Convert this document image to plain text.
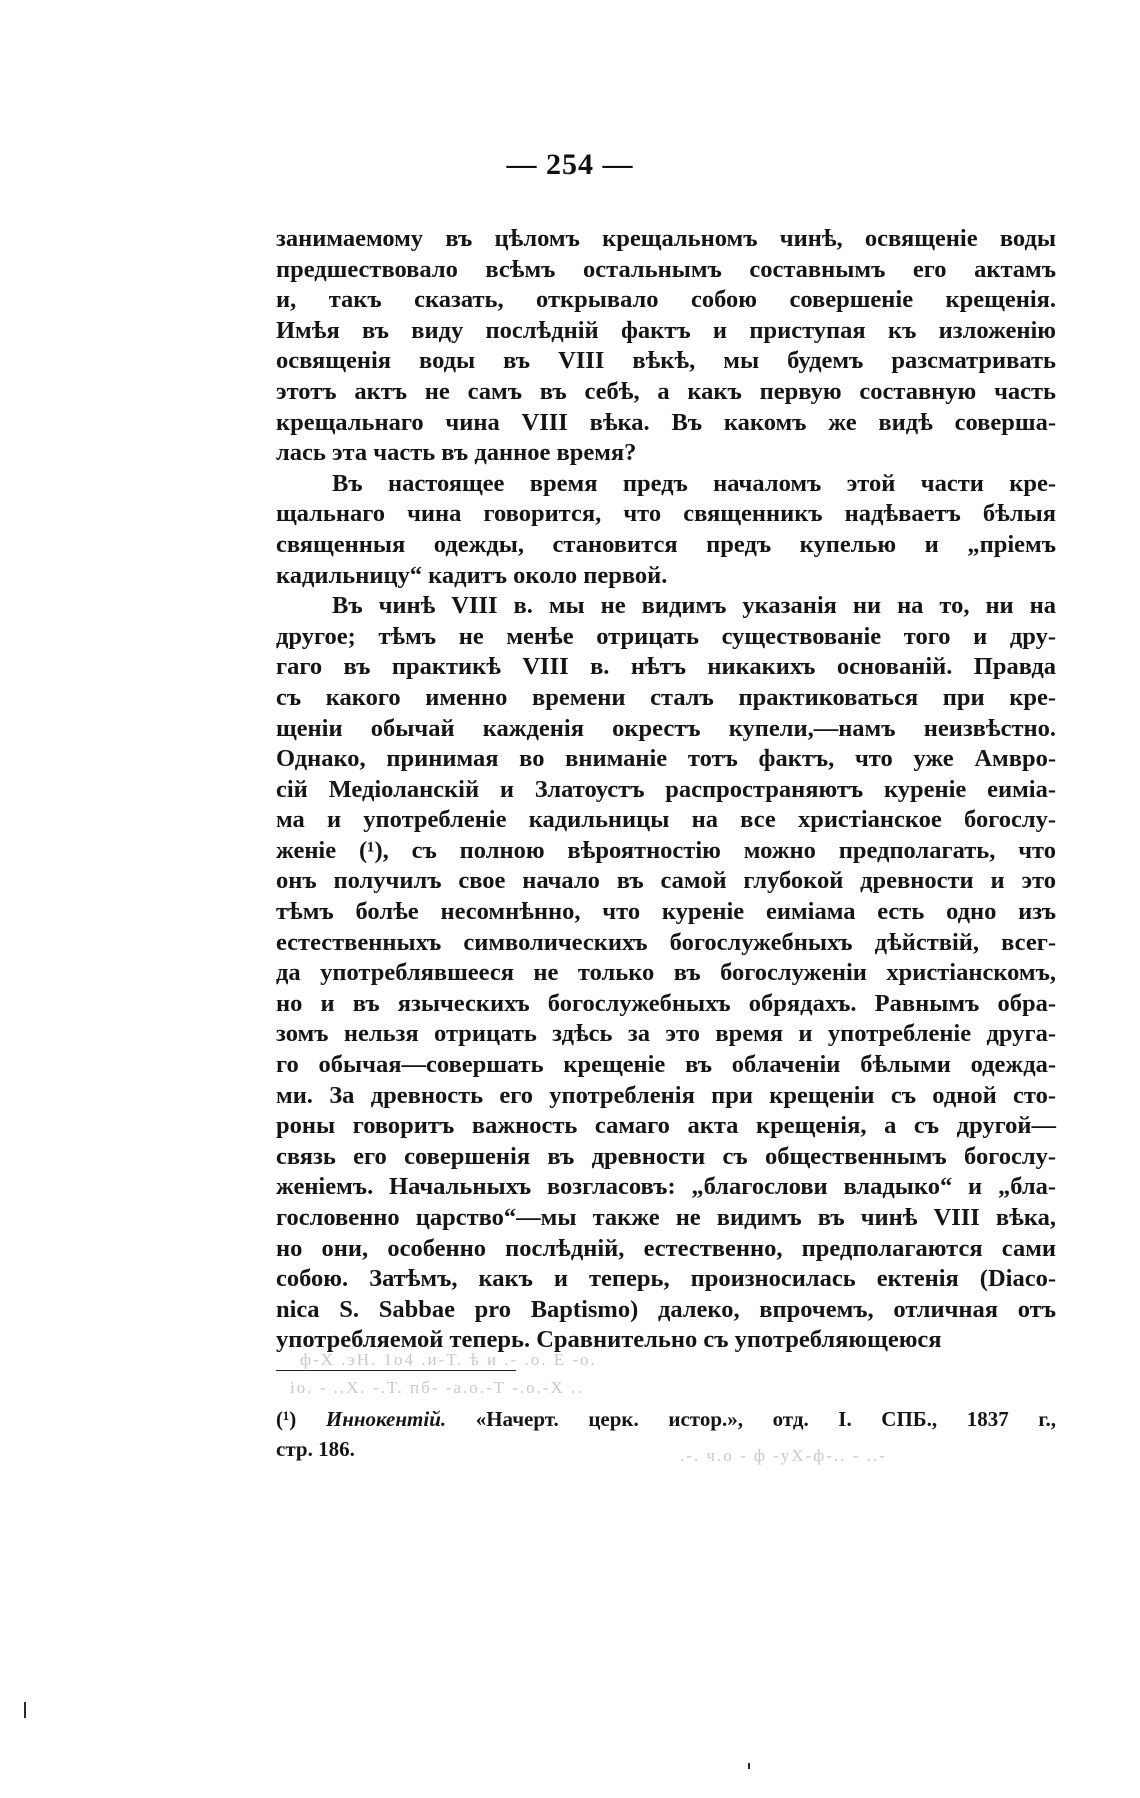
— 254 —
занимаемому въ цѣломъ крещальномъ чинѣ, освященіе воды
предшествовало всѣмъ остальнымъ составнымъ его актамъ
и, такъ сказать, открывало собою совершеніе крещенія.
Имѣя въ виду послѣдній фактъ и приступая къ изложенію
освященія воды въ VIII вѣкѣ, мы будемъ разсматривать
этотъ актъ не самъ въ себѣ, а какъ первую составную часть
крещальнаго чина VIII вѣка. Въ какомъ же видѣ совершa-
лась эта часть въ данное время?
Въ настоящее время предъ началомъ этой части кре-
щальнаго чина говорится, что священникъ надѣваетъ бѣлыя
священныя одежды, становится предъ купелью и „пріемъ
кадильницу“ кадитъ около первой.
Въ чинѣ VIII в. мы не видимъ указанія ни на то, ни на
другое; тѣмъ не менѣе отрицать существованіе того и дру-
гаго въ практикѣ VIII в. нѣтъ никакихъ основаній. Правда
съ какого именно времени сталъ практиковаться при кре-
щеніи обычай кажденія окрестъ купели,—намъ неизвѣстно.
Однако, принимая во вниманіе тотъ фактъ, что уже Амвро-
сій Медіоланскій и Златоустъ распространяютъ куреніе еиміа-
ма и употребленіе кадильницы на все христіанское богослу-
женіе (¹), съ полною вѣроятностію можно предполагать, что
онъ получилъ свое начало въ самой глубокой древности и это
тѣмъ болѣе несомнѣнно, что куреніе еиміама есть одно изъ
естественныхъ символическихъ богослужебныхъ дѣйствій, всег-
да употреблявшееся не только въ богослуженіи христіанскомъ,
но и въ языческихъ богослужебныхъ обрядахъ. Равнымъ обра-
зомъ нельзя отрицать здѣсь за это время и употребленіе друга-
го обычая—совершать крещеніе въ облаченіи бѣлыми одежда-
ми. За древность его употребленія при крещеніи съ одной сто-
роны говоритъ важность самаго акта крещенія, а съ другой—
связь его совершенія въ древности съ общественнымъ богослу-
женіемъ. Начальныхъ возгласовъ: „благослови владыко“ и „бла-
гословенно царство“—мы также не видимъ въ чинѣ VIII вѣка,
но они, особенно послѣдній, естественно, предполагаются сами
собою. Затѣмъ, какъ и теперь, произносилась ектенія (Diaco-
nica S. Sabbae pro Baptismo) далеко, впрочемъ, отличная отъ
употребляемой теперь. Сравнительно съ употребляющеюся
ф‑Х .эН. 1о4 .и‑Т. ѣ и .‑ .о. Е ‑о.
іо. ‑ ..Х. ‑.Т. пб‑ ‑а.о.‑Т ‑.о.‑Х ..
(¹) Иннокентій. «Начерт. церк. истор.», отд. I. СПБ., 1837 г.,
стр. 186.	.‑. ч.о ‑ ф ‑уХ‑ф‑.. ‑ ..‑
